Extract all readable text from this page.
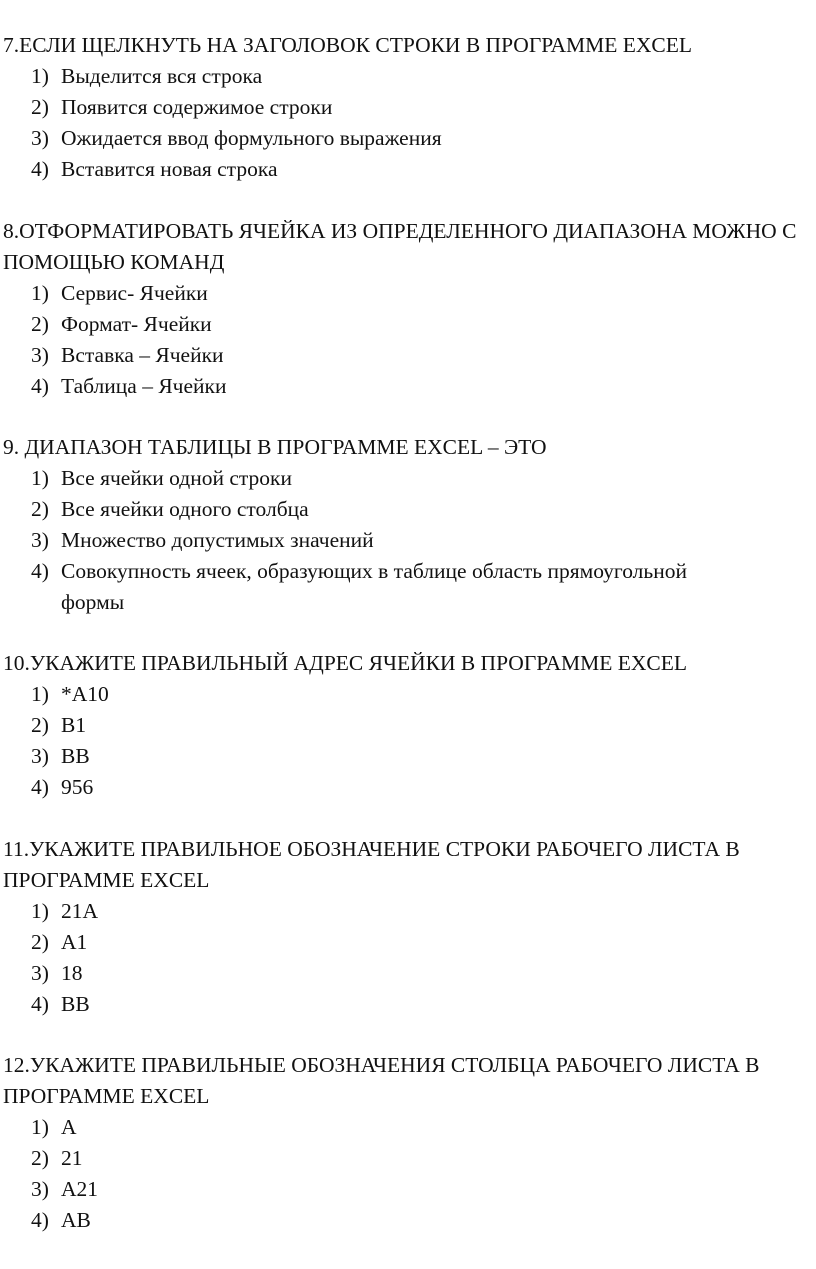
7.ЕСЛИ ЩЕЛКНУТЬ НА ЗАГОЛОВОК СТРОКИ В ПРОГРАММЕ EXCEL
1) Выделится вся строка
2) Появится содержимое строки
3) Ожидается ввод формульного выражения
4) Вставится новая строка
8.ОТФОРМАТИРОВАТЬ ЯЧЕЙКА ИЗ ОПРЕДЕЛЕННОГО ДИАПАЗОНА МОЖНО С ПОМОЩЬЮ КОМАНД
1) Сервис- Ячейки
2) Формат- Ячейки
3) Вставка – Ячейки
4) Таблица – Ячейки
9. ДИАПАЗОН ТАБЛИЦЫ В ПРОГРАММЕ EXCEL – ЭТО
1) Все ячейки одной строки
2) Все ячейки одного столбца
3) Множество допустимых значений
4) Совокупность ячеек, образующих в таблице область прямоугольной формы
10.УКАЖИТЕ ПРАВИЛЬНЫЙ АДРЕС ЯЧЕЙКИ В ПРОГРАММЕ EXCEL
1) *A10
2) B1
3) BB
4) 956
11.УКАЖИТЕ ПРАВИЛЬНОЕ ОБОЗНАЧЕНИЕ СТРОКИ РАБОЧЕГО ЛИСТА В ПРОГРАММЕ EXCEL
1) 21A
2) A1
3) 18
4) BB
12.УКАЖИТЕ ПРАВИЛЬНЫЕ ОБОЗНАЧЕНИЯ СТОЛБЦА РАБОЧЕГО ЛИСТА В ПРОГРАММЕ EXCEL
1) A
2) 21
3) A21
4) AB
